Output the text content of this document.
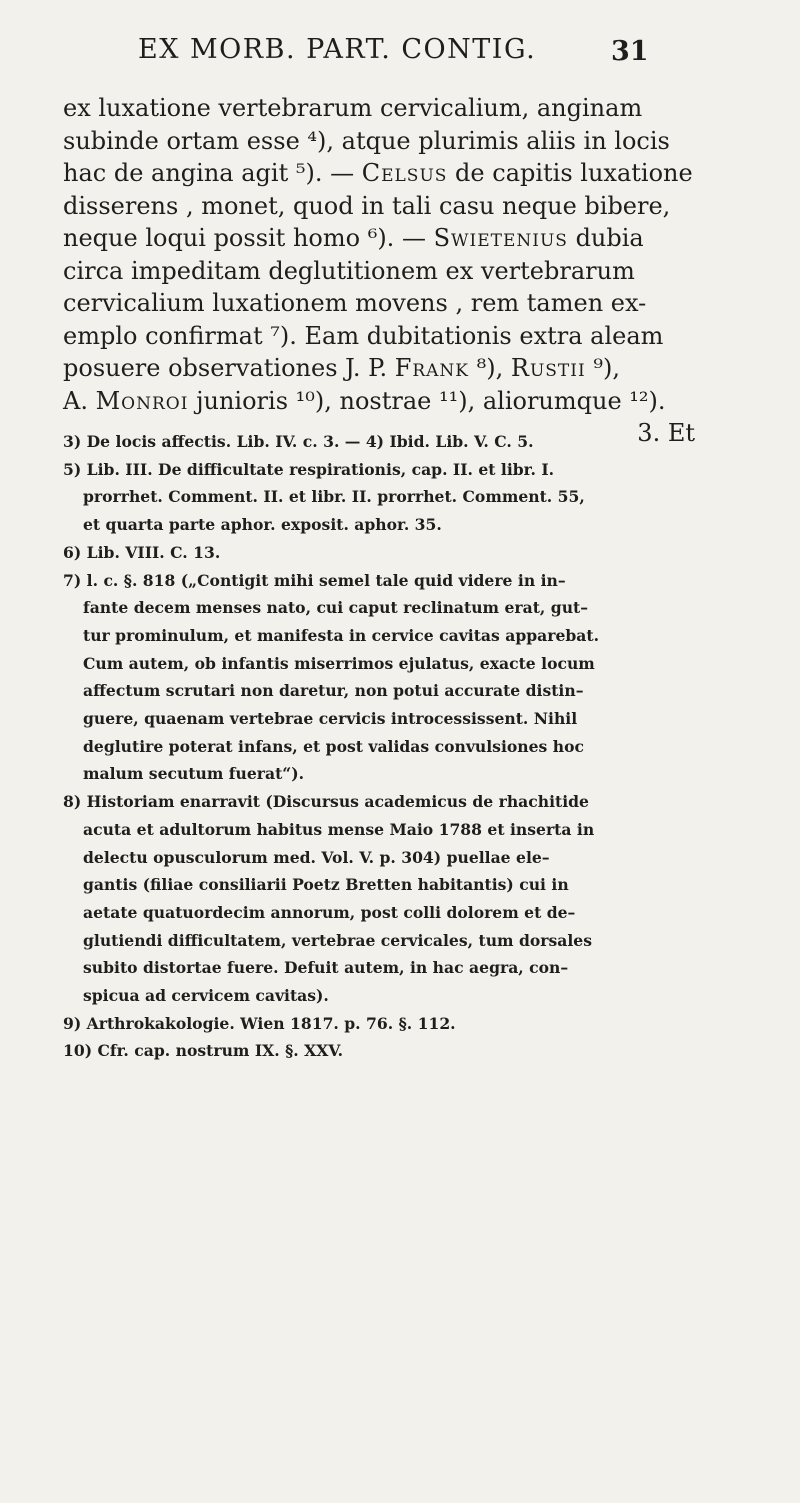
EX MORB. PART. CONTIG.	31
ex luxatione vertebrarum cervicalium, anginam
subinde ortam esse ⁴), atque plurimis aliis in locis
hac de angina agit ⁵). — Celsus de capitis luxatione
disserens , monet, quod in tali casu neque bibere,
neque loqui possit homo ⁶). — Swietenius dubia
circa impeditam deglutitionem ex vertebrarum
cervicalium luxationem movens , rem tamen ex-
emplo confirmat ⁷). Eam dubitationis extra aleam
posuere observationes J. P. Frank ⁸), Rustii ⁹),
A. Monroi junioris ¹⁰), nostrae ¹¹), aliorumque ¹²).
3. Et
3) De locis affectis. Lib. IV. c. 3. — 4) Ibid. Lib. V. C. 5.
5) Lib. III. De difficultate respirationis, cap. II. et libr. I.
prorrhet. Comment. II. et libr. II. prorrhet. Comment. 55,
et quarta parte aphor. exposit. aphor. 35.
6) Lib. VIII. C. 13.
7) l. c. §. 818 („Contigit mihi semel tale quid videre in in–
fante decem menses nato, cui caput reclinatum erat, gut–
tur prominulum, et manifesta in cervice cavitas apparebat.
Cum autem, ob infantis miserrimos ejulatus, exacte locum
affectum scrutari non daretur, non potui accurate distin–
guere, quaenam vertebrae cervicis introcessissent. Nihil
deglutire poterat infans, et post validas convulsiones hoc
malum secutum fuerat“).
8) Historiam enarravit (Discursus academicus de rhachitide
acuta et adultorum habitus mense Maio 1788 et inserta in
delectu opusculorum med. Vol. V. p. 304) puellae ele–
gantis (filiae consiliarii Poetz Bretten habitantis) cui in
aetate quatuordecim annorum, post colli dolorem et de–
glutiendi difficultatem, vertebrae cervicales, tum dorsales
subito distortae fuere. Defuit autem, in hac aegra, con–
spicua ad cervicem cavitas).
9) Arthrokakologie. Wien 1817. p. 76. §. 112.
10) Cfr. cap. nostrum IX. §. XXV.
